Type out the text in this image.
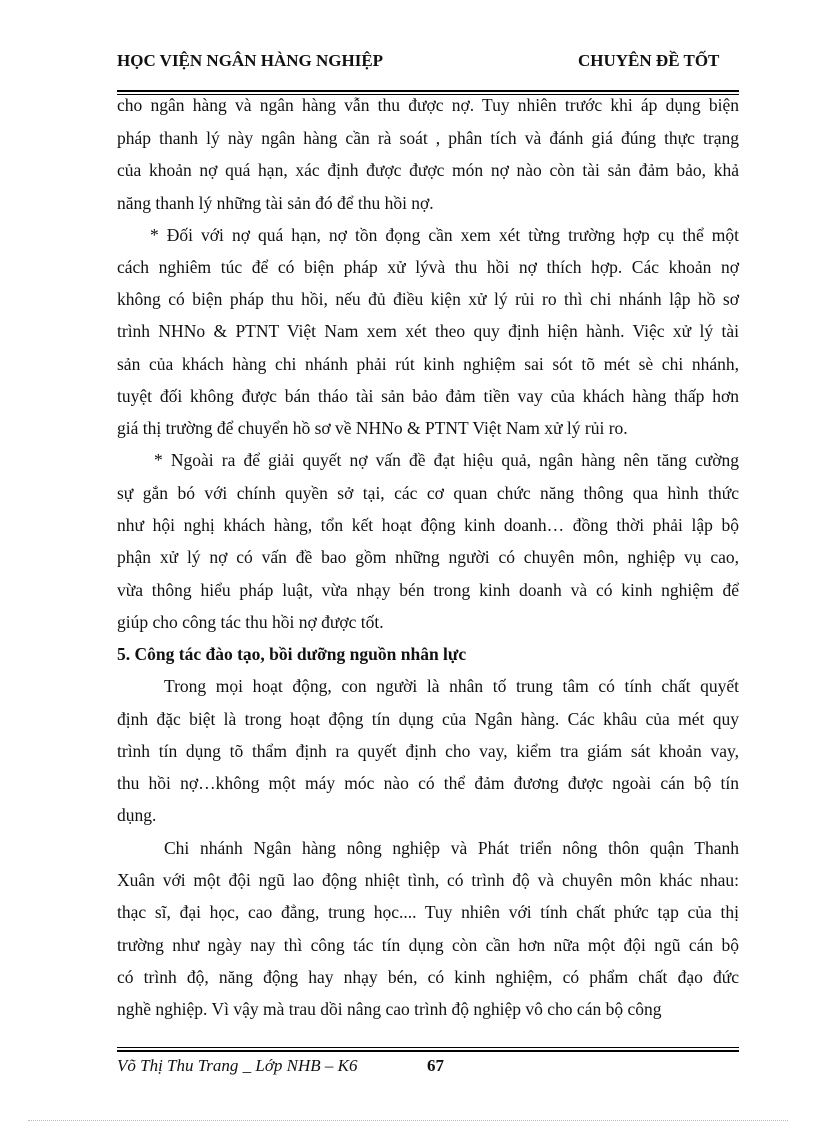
HỌC VIỆN NGÂN HÀNG NGHIỆP	CHUYÊN ĐỀ TỐT
cho ngân hàng và ngân hàng vẫn thu được nợ. Tuy nhiên trước khi áp dụng biện
pháp thanh lý này ngân hàng cần rà soát , phân tích và đánh giá đúng thực trạng
của khoản nợ quá hạn, xác định được được món nợ nào còn tài sản đảm bảo, khả
năng thanh lý những tài sản đó để thu hồi nợ.
* Đối với nợ quá hạn, nợ tồn đọng cần xem xét từng trường hợp cụ thể một
cách nghiêm túc để có biện pháp xử lývà thu hồi nợ thích hợp. Các khoản nợ
không có biện pháp thu hồi, nếu đủ điều kiện xử lý rủi ro thì chi nhánh lập hồ sơ
trình NHNo & PTNT Việt Nam xem xét theo quy định hiện hành. Việc xử lý tài
sản của khách hàng chi nhánh phải rút kinh nghiệm sai sót tõ mét sè chi nhánh,
tuyệt đối không được bán tháo tài sản bảo đảm tiền vay của khách hàng thấp hơn
giá thị trường để chuyển hồ sơ về NHNo & PTNT Việt Nam xử lý rủi ro.
* Ngoài ra để giải quyết nợ vấn đề đạt hiệu quả, ngân hàng nên tăng cường
sự gắn bó với chính quyền sở tại, các cơ quan chức năng thông qua hình thức
như hội nghị khách hàng, tổn kết hoạt động kinh doanh… đồng thời phải lập bộ
phận xử lý nợ có vấn đề bao gồm những người có chuyên môn, nghiệp vụ cao,
vừa thông hiểu pháp luật, vừa nhạy bén trong kinh doanh và có kinh nghiệm để
giúp cho công tác thu hồi nợ được tốt.
5. Công tác đào tạo, bồi dưỡng nguồn nhân lực
Trong mọi hoạt động, con người là nhân tố trung tâm có tính chất quyết
định đặc biệt là trong hoạt động tín dụng của Ngân hàng. Các khâu của mét quy
trình tín dụng tõ thẩm định ra quyết định cho vay, kiểm tra giám sát khoản vay,
thu hồi nợ…không một máy móc nào có thể đảm đương được ngoài cán bộ tín
dụng.
Chi nhánh Ngân hàng nông nghiệp và Phát triển nông thôn quận Thanh
Xuân với một đội ngũ lao động nhiệt tình, có trình độ và chuyên môn khác nhau:
thạc sĩ, đại học, cao đẳng, trung học.... Tuy nhiên với tính chất phức tạp của thị
trường như ngày nay thì công tác tín dụng còn cần hơn nữa một đội ngũ cán bộ
có trình độ, năng động hay nhạy bén, có kinh nghiệm, có phẩm chất đạo đức
nghề nghiệp. Vì vậy mà trau dồi nâng cao trình độ nghiệp vô cho cán bộ công
Võ Thị Thu Trang _ Lớp NHB – K6	67
